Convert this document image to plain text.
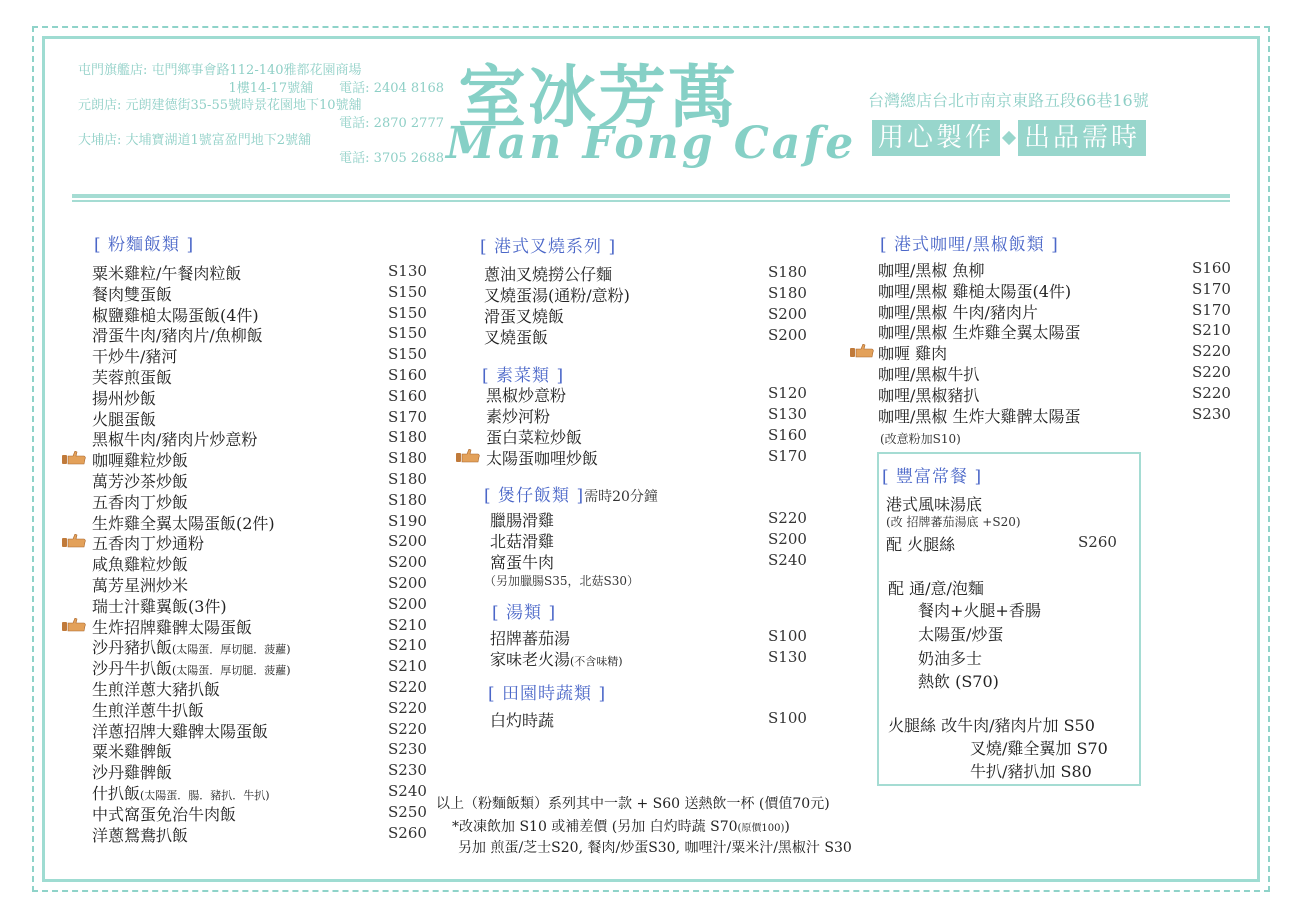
屯門旗艦店: 屯門鄉事會路112-140雅都花園商場
1樓14-17號舖　　電話: 2404 8168
元朗店: 元朗建德街35-55號時景花園地下10號舖
電話: 2870 2777
大埔店: 大埔寶湖道1號富盈門地下2號舖
電話: 3705 2688
室冰芳萬
Man Fong Cafe
台灣總店台北市南京東路五段66巷16號
用心製作 出品需時
[ 粉麵飯類 ]
粟米雞粒/午餐肉粒飯	S130
餐肉雙蛋飯	S150
椒鹽雞槌太陽蛋飯(4件)	S150
滑蛋牛肉/豬肉片/魚柳飯	S150
干炒牛/豬河	S150
芙蓉煎蛋飯	S160
揚州炒飯	S160
火腿蛋飯	S170
黑椒牛肉/豬肉片炒意粉	S180
咖喱雞粒炒飯	S180
萬芳沙茶炒飯	S180
五香肉丁炒飯	S180
生炸雞全翼太陽蛋飯(2件)	S190
五香肉丁炒通粉	S200
咸魚雞粒炒飯	S200
萬芳星洲炒米	S200
瑞士汁雞翼飯(3件)	S200
生炸招牌雞髀太陽蛋飯	S210
沙丹豬扒飯(太陽蛋．厚切腿．菠蘿)	S210
沙丹牛扒飯(太陽蛋．厚切腿．菠蘿)	S210
生煎洋蔥大豬扒飯	S220
生煎洋蔥牛扒飯	S220
洋蔥招牌大雞髀太陽蛋飯	S220
粟米雞髀飯	S230
沙丹雞髀飯	S230
什扒飯(太陽蛋．腸．豬扒．牛扒)	S240
中式窩蛋免治牛肉飯	S250
洋蔥鴛鴦扒飯	S260
[ 港式叉燒系列 ]
蔥油叉燒撈公仔麵	S180
叉燒蛋湯(通粉/意粉)	S180
滑蛋叉燒飯	S200
叉燒蛋飯	S200
[ 素菜類 ]
黑椒炒意粉	S120
素炒河粉	S130
蛋白菜粒炒飯	S160
太陽蛋咖哩炒飯	S170
[ 煲仔飯類 ]需時20分鐘
臘腸滑雞	S220
北菇滑雞	S200
窩蛋牛肉	S240
（另加臘腸S35，北菇S30）
[ 湯類 ]
招牌蕃茄湯	S100
家味老火湯(不含味精)	S130
[ 田園時蔬類 ]
白灼時蔬	S100
[ 港式咖哩/黑椒飯類 ]
咖哩/黑椒 魚柳	S160
咖哩/黑椒 雞槌太陽蛋(4件)	S170
咖哩/黑椒 牛肉/豬肉片	S170
咖哩/黑椒 生炸雞全翼太陽蛋	S210
咖喱 雞肉	S220
咖哩/黑椒牛扒	S220
咖哩/黑椒豬扒	S220
咖哩/黑椒 生炸大雞髀太陽蛋	S230
(改意粉加S10)
[ 豐富常餐 ]
港式風味湯底
(改 招牌蕃茄湯底 +S20)
配 火腿絲	S260
配 通/意/泡麵
餐肉+火腿+香腸
太陽蛋/炒蛋
奶油多士
熱飲 (S70)
火腿絲 改牛肉/豬肉片加 S50
叉燒/雞全翼加 S70
牛扒/豬扒加 S80
以上（粉麵飯類）系列其中一款 + S60 送熱飲一杯 (價值70元)
*改凍飲加 S10 或補差價 (另加 白灼時蔬 S70(原價100))
另加 煎蛋/芝士S20, 餐肉/炒蛋S30, 咖哩汁/粟米汁/黑椒汁 S30
